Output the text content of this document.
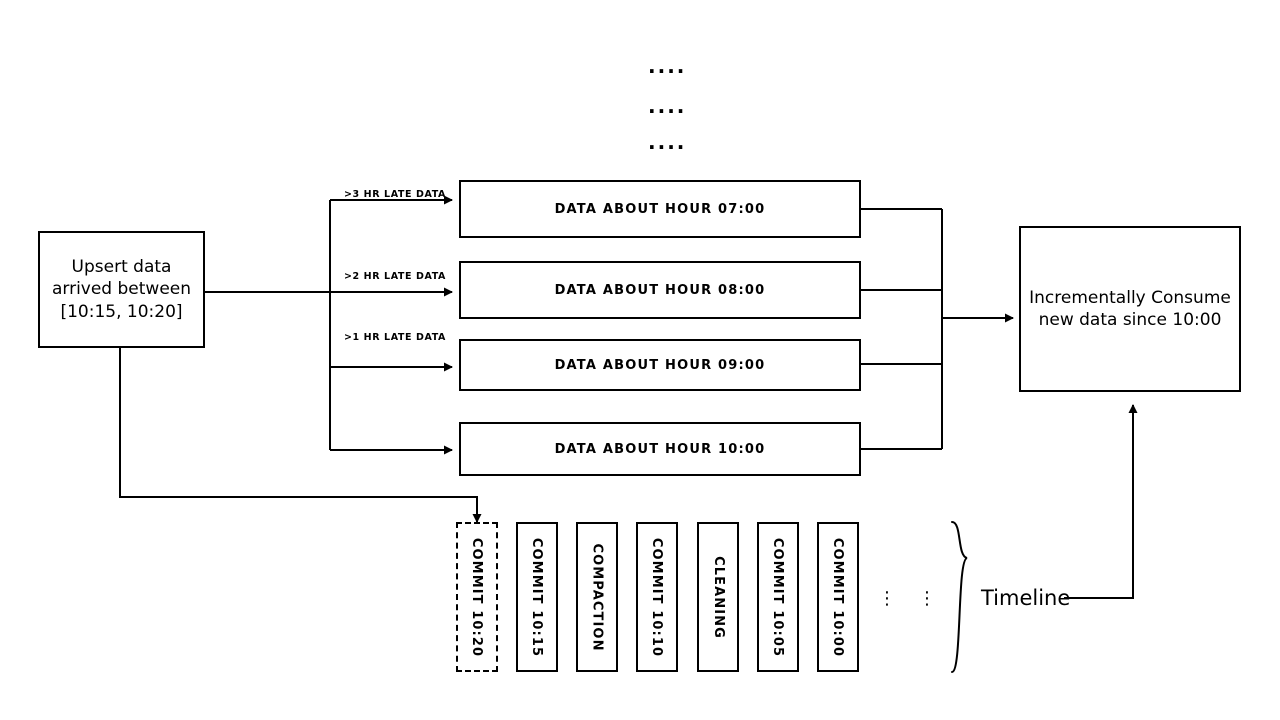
....
....
....
Upsert data
arrived between
[10:15, 10:20]
>3 HR LATE DATA
>2 HR LATE DATA
>1 HR LATE DATA
DATA ABOUT HOUR 07:00
DATA ABOUT HOUR 08:00
DATA ABOUT HOUR 09:00
DATA ABOUT HOUR 10:00
Incrementally Consume
new data since 10:00
COMMIT 10:20	COMMIT 10:15	COMPACTION	COMMIT 10:10	CLEANING	COMMIT 10:05	COMMIT 10:00 ⋮ ⋮ Timeline
